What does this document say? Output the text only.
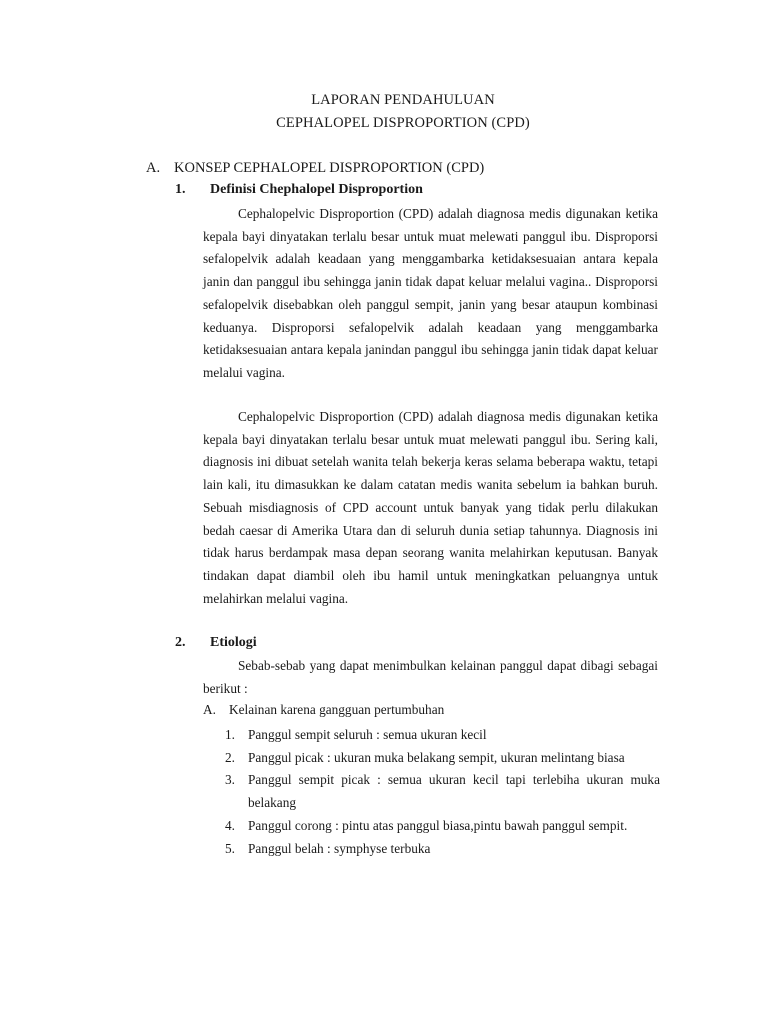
LAPORAN PENDAHULUAN
CEPHALOPEL DISPROPORTION (CPD)
A. KONSEP CEPHALOPEL DISPROPORTION (CPD)
1. Definisi Chephalopel Disproportion

Cephalopelvic Disproportion (CPD) adalah diagnosa medis digunakan ketika kepala bayi dinyatakan terlalu besar untuk muat melewati panggul ibu. Disproporsi sefalopelvik adalah keadaan yang menggambarka ketidaksesuaian antara kepala janin dan panggul ibu sehingga janin tidak dapat keluar melalui vagina.. Disproporsi sefalopelvik disebabkan oleh panggul sempit, janin yang besar ataupun kombinasi keduanya. Disproporsi sefalopelvik adalah keadaan yang menggambarka ketidaksesuaian antara kepala janindan panggul ibu sehingga janin tidak dapat keluar melalui vagina.

Cephalopelvic Disproportion (CPD) adalah diagnosa medis digunakan ketika kepala bayi dinyatakan terlalu besar untuk muat melewati panggul ibu. Sering kali, diagnosis ini dibuat setelah wanita telah bekerja keras selama beberapa waktu, tetapi lain kali, itu dimasukkan ke dalam catatan medis wanita sebelum ia bahkan buruh. Sebuah misdiagnosis of CPD account untuk banyak yang tidak perlu dilakukan bedah caesar di Amerika Utara dan di seluruh dunia setiap tahunnya. Diagnosis ini tidak harus berdampak masa depan seorang wanita melahirkan keputusan. Banyak tindakan dapat diambil oleh ibu hamil untuk meningkatkan peluangnya untuk melahirkan melalui vagina.

2. Etiologi

Sebab-sebab yang dapat menimbulkan kelainan panggul dapat dibagi sebagai berikut :

A. Kelainan karena gangguan pertumbuhan
1. Panggul sempit seluruh : semua ukuran kecil
2. Panggul picak : ukuran muka belakang sempit, ukuran melintang biasa
3. Panggul sempit picak : semua ukuran kecil tapi terlebiha ukuran muka belakang
4. Panggul corong : pintu atas panggul biasa,pintu bawah panggul sempit.
5. Panggul belah : symphyse terbuka
